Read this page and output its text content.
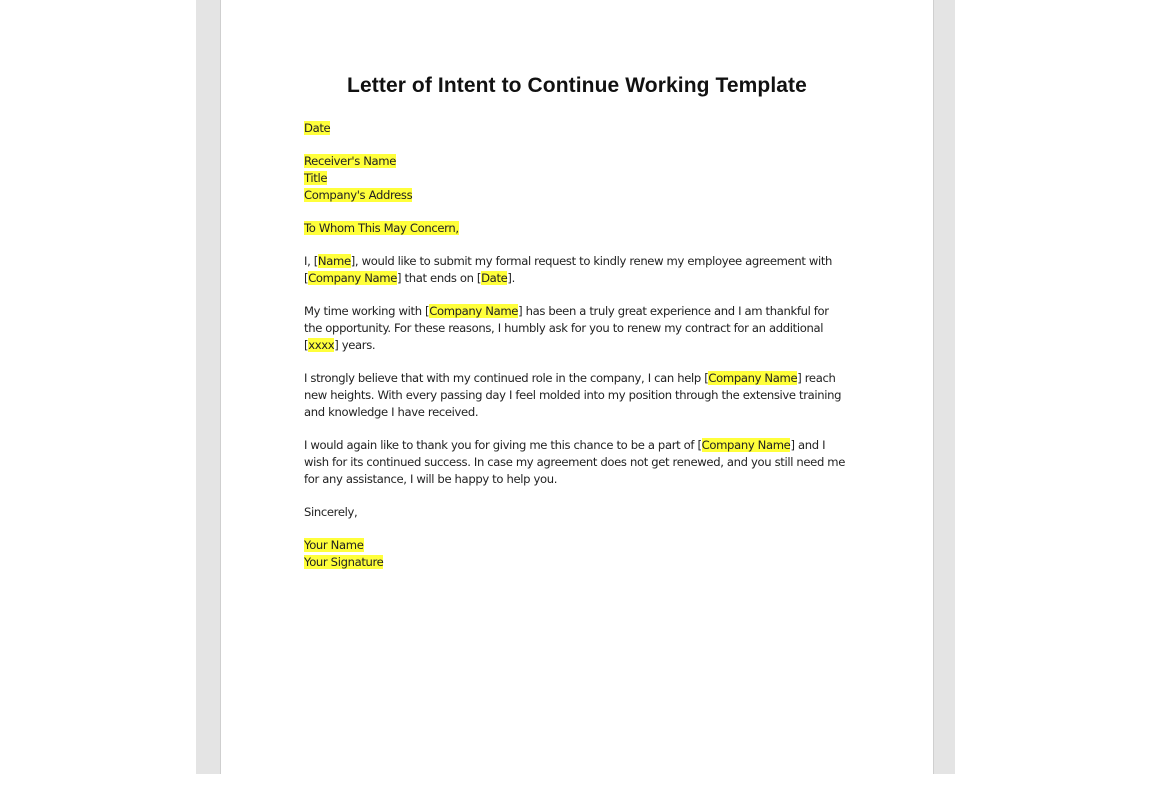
Letter of Intent to Continue Working Template

Date

Receiver's Name
Title
Company's Address

To Whom This May Concern,

I, [Name], would like to submit my formal request to kindly renew my employee agreement with [Company Name] that ends on [Date].

My time working with [Company Name] has been a truly great experience and I am thankful for the opportunity. For these reasons, I humbly ask for you to renew my contract for an additional [xxxx] years.

I strongly believe that with my continued role in the company, I can help [Company Name] reach new heights. With every passing day I feel molded into my position through the extensive training and knowledge I have received.

I would again like to thank you for giving me this chance to be a part of [Company Name] and I wish for its continued success. In case my agreement does not get renewed, and you still need me for any assistance, I will be happy to help you.

Sincerely,

Your Name
Your Signature
